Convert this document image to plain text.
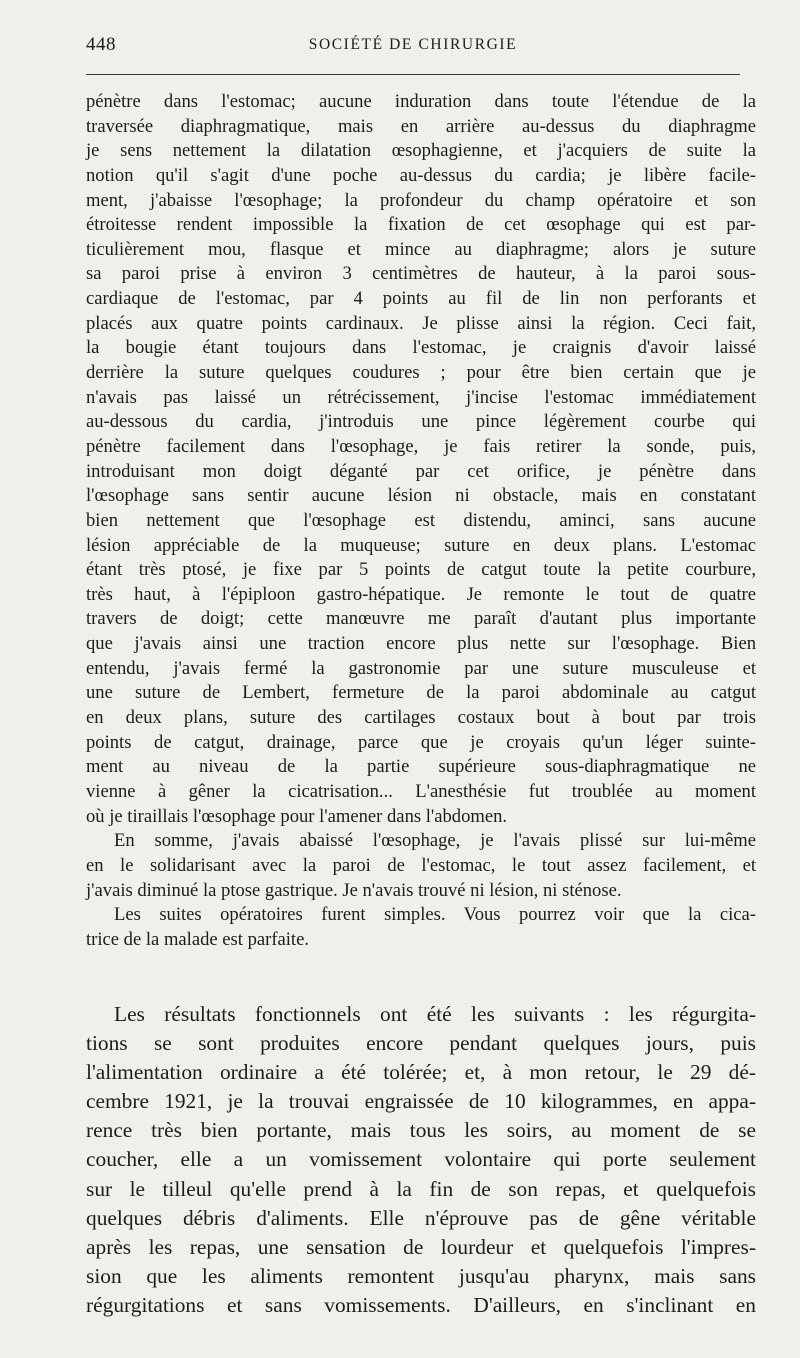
448	SOCIÉTÉ DE CHIRURGIE
pénètre dans l'estomac; aucune induration dans toute l'étendue de la
traversée diaphragmatique, mais en arrière au-dessus du diaphragme
je sens nettement la dilatation œsophagienne, et j'acquiers de suite la
notion qu'il s'agit d'une poche au-dessus du cardia; je libère facile-
ment, j'abaisse l'œsophage; la profondeur du champ opératoire et son
étroitesse rendent impossible la fixation de cet œsophage qui est par-
ticulièrement mou, flasque et mince au diaphragme; alors je suture
sa paroi prise à environ 3 centimètres de hauteur, à la paroi sous-
cardiaque de l'estomac, par 4 points au fil de lin non perforants et
placés aux quatre points cardinaux. Je plisse ainsi la région. Ceci fait,
la bougie étant toujours dans l'estomac, je craignis d'avoir laissé
derrière la suture quelques coudures ; pour être bien certain que je
n'avais pas laissé un rétrécissement, j'incise l'estomac immédiatement
au-dessous du cardia, j'introduis une pince légèrement courbe qui
pénètre facilement dans l'œsophage, je fais retirer la sonde, puis,
introduisant mon doigt déganté par cet orifice, je pénètre dans
l'œsophage sans sentir aucune lésion ni obstacle, mais en constatant
bien nettement que l'œsophage est distendu, aminci, sans aucune
lésion appréciable de la muqueuse; suture en deux plans. L'estomac
étant très ptosé, je fixe par 5 points de catgut toute la petite courbure,
très haut, à l'épiploon gastro-hépatique. Je remonte le tout de quatre
travers de doigt; cette manœuvre me paraît d'autant plus importante
que j'avais ainsi une traction encore plus nette sur l'œsophage. Bien
entendu, j'avais fermé la gastronomie par une suture musculeuse et
une suture de Lembert, fermeture de la paroi abdominale au catgut
en deux plans, suture des cartilages costaux bout à bout par trois
points de catgut, drainage, parce que je croyais qu'un léger suinte-
ment au niveau de la partie supérieure sous-diaphragmatique ne
vienne à gêner la cicatrisation... L'anesthésie fut troublée au moment
où je tiraillais l'œsophage pour l'amener dans l'abdomen.
En somme, j'avais abaissé l'œsophage, je l'avais plissé sur lui-même
en le solidarisant avec la paroi de l'estomac, le tout assez facilement, et
j'avais diminué la ptose gastrique. Je n'avais trouvé ni lésion, ni sténose.
Les suites opératoires furent simples. Vous pourrez voir que la cica-
trice de la malade est parfaite.
Les résultats fonctionnels ont été les suivants : les régurgita-
tions se sont produites encore pendant quelques jours, puis
l'alimentation ordinaire a été tolérée; et, à mon retour, le 29 dé-
cembre 1921, je la trouvai engraissée de 10 kilogrammes, en appa-
rence très bien portante, mais tous les soirs, au moment de se
coucher, elle a un vomissement volontaire qui porte seulement
sur le tilleul qu'elle prend à la fin de son repas, et quelquefois
quelques débris d'aliments. Elle n'éprouve pas de gêne véritable
après les repas, une sensation de lourdeur et quelquefois l'impres-
sion que les aliments remontent jusqu'au pharynx, mais sans
régurgitations et sans vomissements. D'ailleurs, en s'inclinant en
